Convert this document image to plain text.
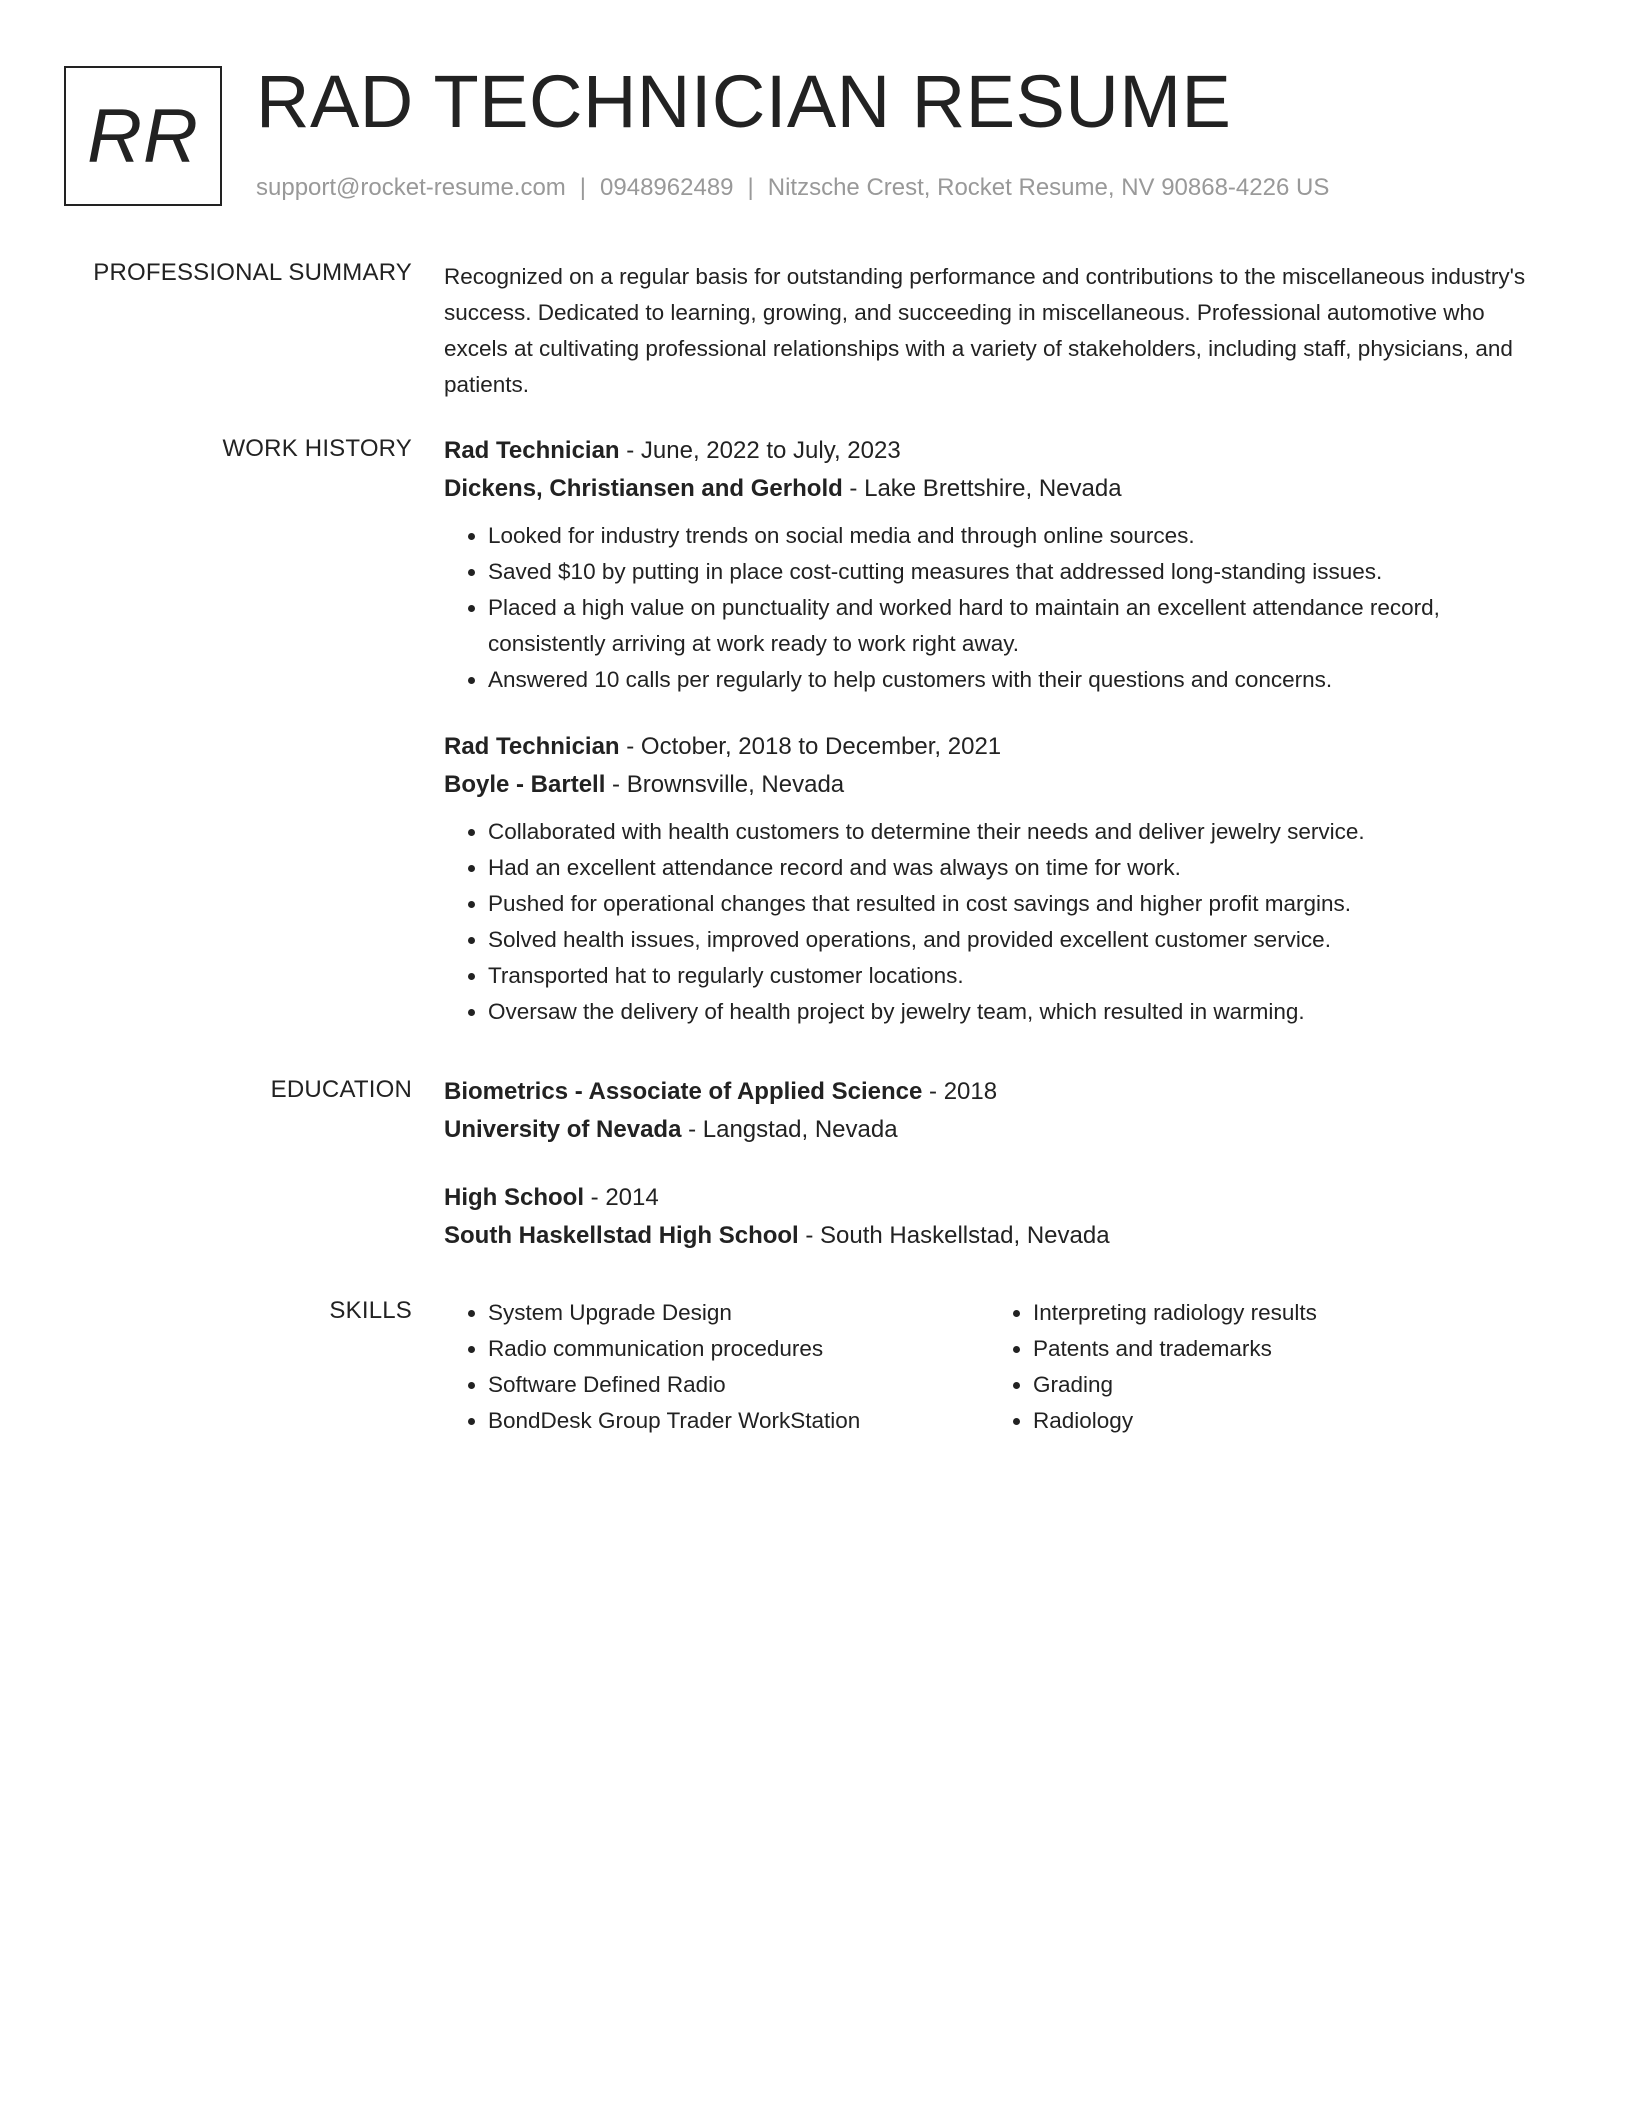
RR RAD TECHNICIAN RESUME
support@rocket-resume.com | 0948962489 | Nitzsche Crest, Rocket Resume, NV 90868-4226 US
PROFESSIONAL SUMMARY Recognized on a regular basis for outstanding performance and contributions to the miscellaneous industry's success. Dedicated to learning, growing, and succeeding in miscellaneous. Professional automotive who excels at cultivating professional relationships with a variety of stakeholders, including staff, physicians, and patients.

WORK HISTORY Rad Technician - June, 2022 to July, 2023
Dickens, Christiansen and Gerhold - Lake Brettshire, Nevada
• Looked for industry trends on social media and through online sources.
• Saved $10 by putting in place cost-cutting measures that addressed long-standing issues.
• Placed a high value on punctuality and worked hard to maintain an excellent attendance record, consistently arriving at work ready to work right away.
• Answered 10 calls per regularly to help customers with their questions and concerns.
Rad Technician - October, 2018 to December, 2021
Boyle - Bartell - Brownsville, Nevada
• Collaborated with health customers to determine their needs and deliver jewelry service.
• Had an excellent attendance record and was always on time for work.
• Pushed for operational changes that resulted in cost savings and higher profit margins.
• Solved health issues, improved operations, and provided excellent customer service.
• Transported hat to regularly customer locations.
• Oversaw the delivery of health project by jewelry team, which resulted in warming.
EDUCATION Biometrics - Associate of Applied Science - 2018
University of Nevada - Langstad, Nevada
High School - 2014
South Haskellstad High School - South Haskellstad, Nevada
SKILLS
•	System Upgrade Design
• Radio communication procedures
• Software Defined Radio
• BondDesk Group Trader WorkStation
• Interpreting radiology results
• Patents and trademarks
• Grading
• Radiology
